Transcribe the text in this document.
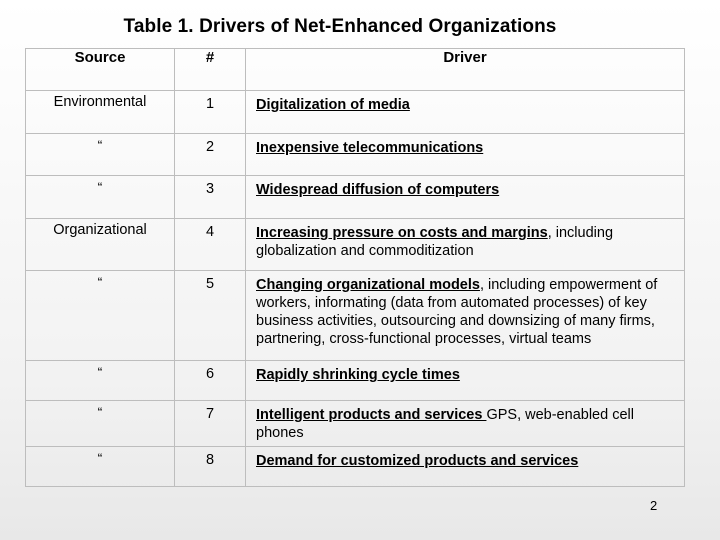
Table 1. Drivers of Net-Enhanced Organizations
Source	#	Driver
Environmental	1	Digitalization of media
“	2	Inexpensive telecommunications
“	3	Widespread diffusion of computers
Organizational	4	Increasing pressure on costs and margins, including globalization and commoditization
“	5	Changing organizational models, including empowerment of workers, informating (data from automated processes) of key business activities, outsourcing and downsizing of many firms, partnering, cross-functional processes, virtual teams
“	6	Rapidly shrinking cycle times
“	7	Intelligent products and services GPS, web-enabled cell phones
“	8	Demand for customized products and services
2
